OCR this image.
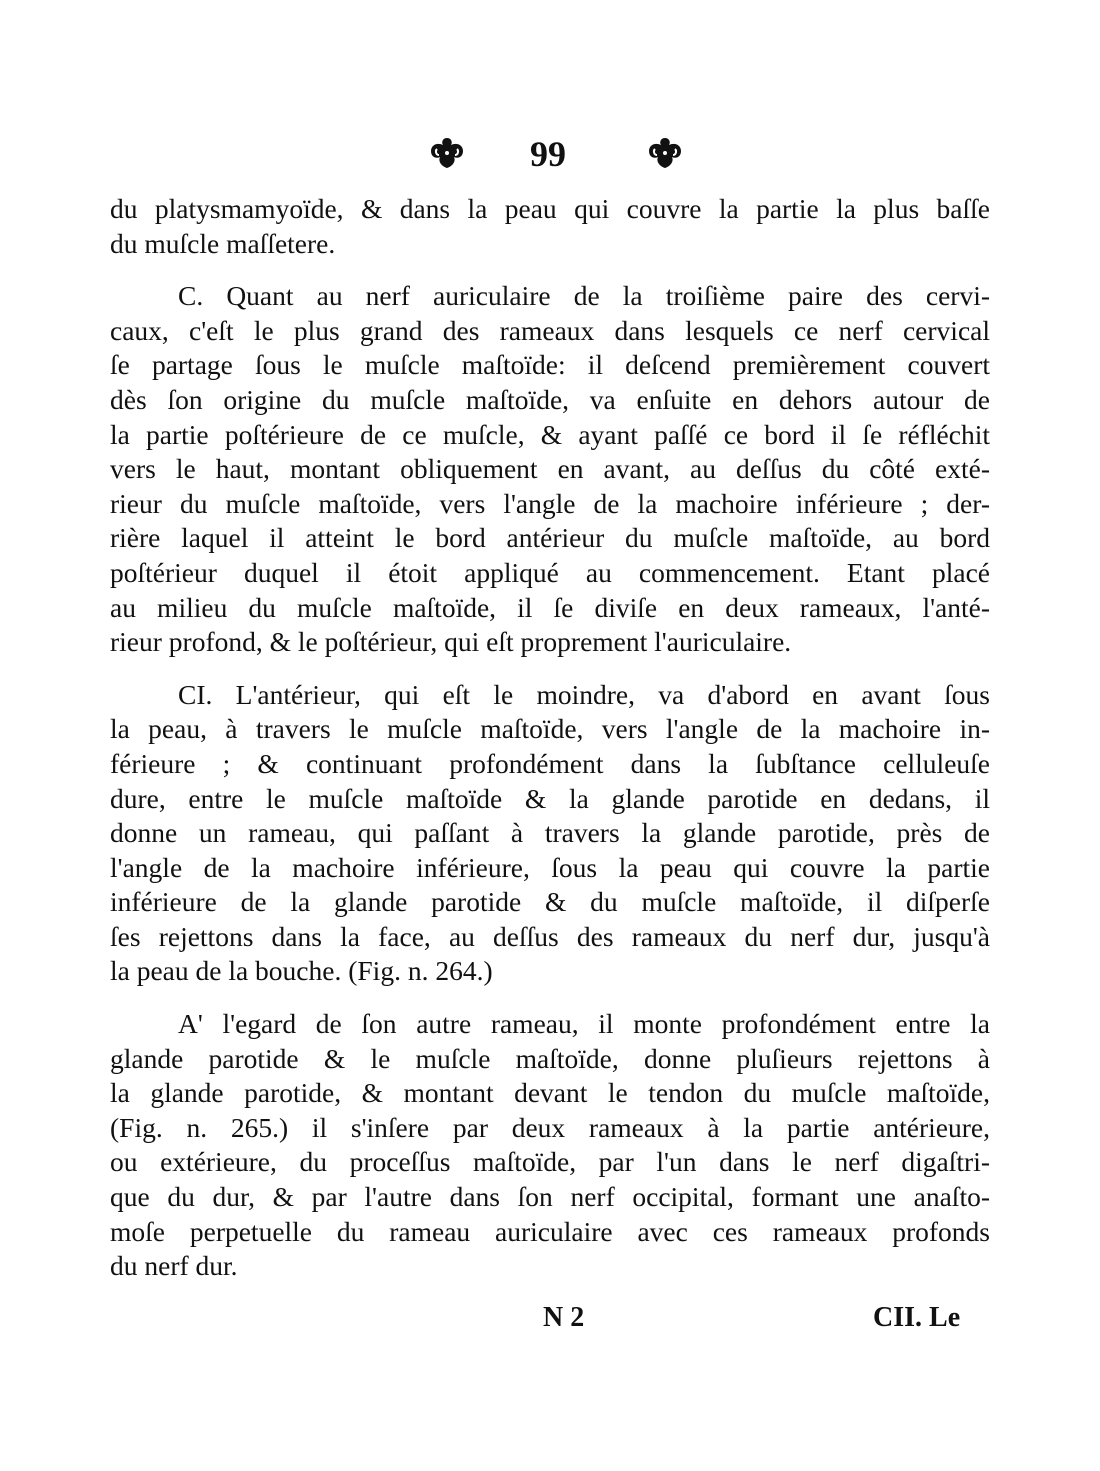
99
du platysmamyoïde, & dans la peau qui couvre la partie la plus baſſe
du muſcle maſſetere.
C. Quant au nerf auriculaire de la troiſième paire des cervi-
caux, c'eſt le plus grand des rameaux dans lesquels ce nerf cervical
ſe partage ſous le muſcle maſtoïde: il deſcend premièrement couvert
dès ſon origine du muſcle maſtoïde, va enſuite en dehors autour de
la partie poſtérieure de ce muſcle, & ayant paſſé ce bord il ſe réfléchit
vers le haut, montant obliquement en avant, au deſſus du côté exté-
rieur du muſcle maſtoïde, vers l'angle de la machoire inférieure ; der-
rière laquel il atteint le bord antérieur du muſcle maſtoïde, au bord
poſtérieur duquel il étoit appliqué au commencement. Etant placé
au milieu du muſcle maſtoïde, il ſe diviſe en deux rameaux, l'anté-
rieur profond, & le poſtérieur, qui eſt proprement l'auriculaire.
CI. L'antérieur, qui eſt le moindre, va d'abord en avant ſous
la peau, à travers le muſcle maſtoïde, vers l'angle de la machoire in-
férieure ; & continuant profondément dans la ſubſtance celluleuſe
dure, entre le muſcle maſtoïde & la glande parotide en dedans, il
donne un rameau, qui paſſant à travers la glande parotide, près de
l'angle de la machoire inférieure, ſous la peau qui couvre la partie
inférieure de la glande parotide & du muſcle maſtoïde, il diſperſe
ſes rejettons dans la face, au deſſus des rameaux du nerf dur, jusqu'à
la peau de la bouche. (Fig. n. 264.)
A' l'egard de ſon autre rameau, il monte profondément entre la
glande parotide & le muſcle maſtoïde, donne pluſieurs rejettons à
la glande parotide, & montant devant le tendon du muſcle maſtoïde,
(Fig. n. 265.) il s'inſere par deux rameaux à la partie antérieure,
ou extérieure, du proceſſus maſtoïde, par l'un dans le nerf digaſtri-
que du dur, & par l'autre dans ſon nerf occipital, formant une anaſto-
moſe perpetuelle du rameau auriculaire avec ces rameaux profonds
du nerf dur.
N 2	CII. Le
